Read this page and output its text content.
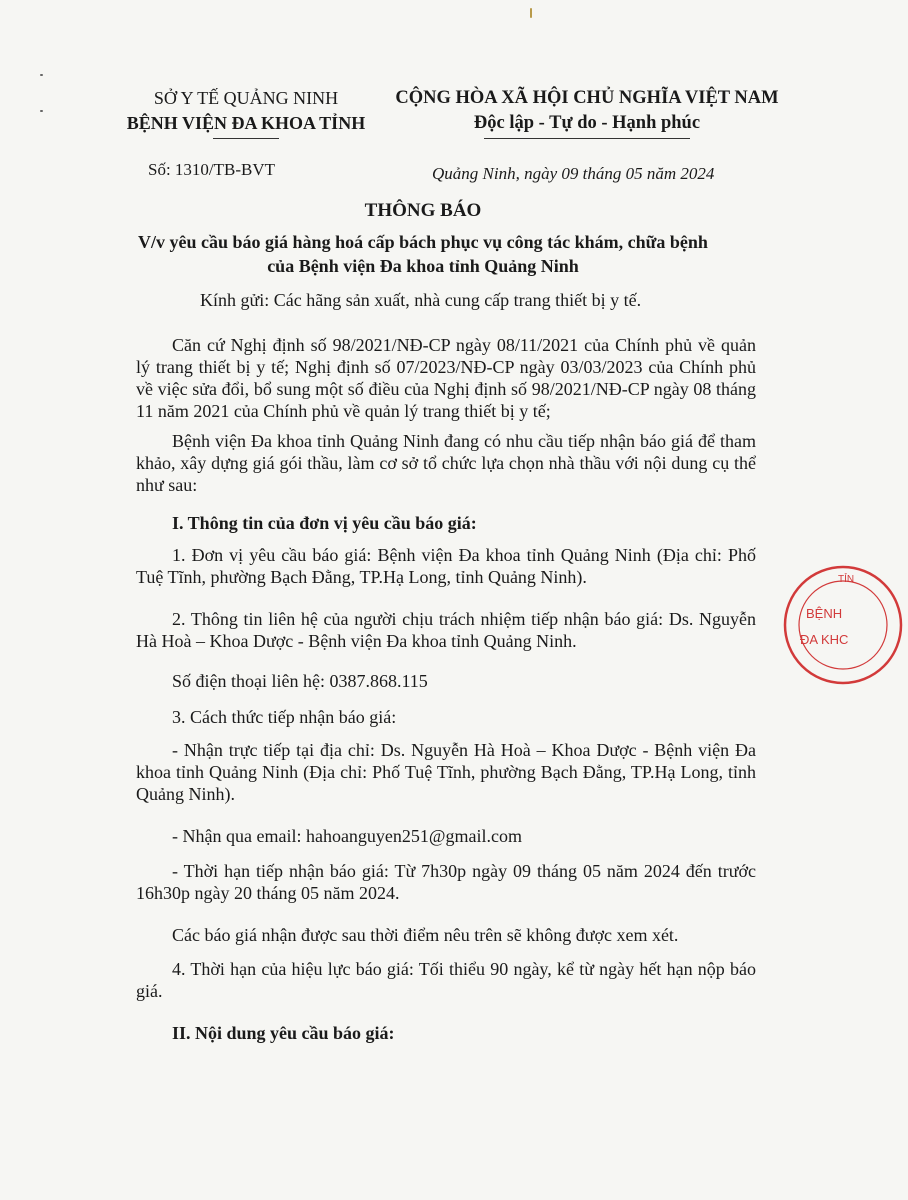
SỞ Y TẾ QUẢNG NINH
BỆNH VIỆN ĐA KHOA TỈNH
CỘNG HÒA XÃ HỘI CHỦ NGHĨA VIỆT NAM
Độc lập - Tự do - Hạnh phúc
Số: 1310/TB-BVT	Quảng Ninh, ngày 09 tháng 05 năm 2024
THÔNG BÁO
V/v yêu cầu báo giá hàng hoá cấp bách phục vụ công tác khám, chữa bệnh
của Bệnh viện Đa khoa tỉnh Quảng Ninh
Kính gửi: Các hãng sản xuất, nhà cung cấp trang thiết bị y tế.
Căn cứ Nghị định số 98/2021/NĐ-CP ngày 08/11/2021 của Chính phủ về quản lý trang thiết bị y tế; Nghị định số 07/2023/NĐ-CP ngày 03/03/2023 của Chính phủ về việc sửa đổi, bổ sung một số điều của Nghị định số 98/2021/NĐ-CP ngày 08 tháng 11 năm 2021 của Chính phủ về quản lý trang thiết bị y tế;
Bệnh viện Đa khoa tỉnh Quảng Ninh đang có nhu cầu tiếp nhận báo giá để tham khảo, xây dựng giá gói thầu, làm cơ sở tổ chức lựa chọn nhà thầu với nội dung cụ thể như sau:
I. Thông tin của đơn vị yêu cầu báo giá:
1. Đơn vị yêu cầu báo giá: Bệnh viện Đa khoa tỉnh Quảng Ninh (Địa chỉ: Phố Tuệ Tĩnh, phường Bạch Đằng, TP.Hạ Long, tỉnh Quảng Ninh).
2. Thông tin liên hệ của người chịu trách nhiệm tiếp nhận báo giá: Ds. Nguyễn Hà Hoà – Khoa Dược - Bệnh viện Đa khoa tỉnh Quảng Ninh.
Số điện thoại liên hệ: 0387.868.115
3. Cách thức tiếp nhận báo giá:
- Nhận trực tiếp tại địa chỉ: Ds. Nguyễn Hà Hoà – Khoa Dược - Bệnh viện Đa khoa tỉnh Quảng Ninh (Địa chỉ: Phố Tuệ Tĩnh, phường Bạch Đằng, TP.Hạ Long, tỉnh Quảng Ninh).
- Nhận qua email: hahoanguyen251@gmail.com
- Thời hạn tiếp nhận báo giá: Từ 7h30p ngày 09 tháng 05 năm 2024 đến trước 16h30p ngày 20 tháng 05 năm 2024.
Các báo giá nhận được sau thời điểm nêu trên sẽ không được xem xét.
4. Thời hạn của hiệu lực báo giá: Tối thiểu 90 ngày, kể từ ngày hết hạn nộp báo giá.
II. Nội dung yêu cầu báo giá:
TỈN
BỆNH
ĐA KHC
